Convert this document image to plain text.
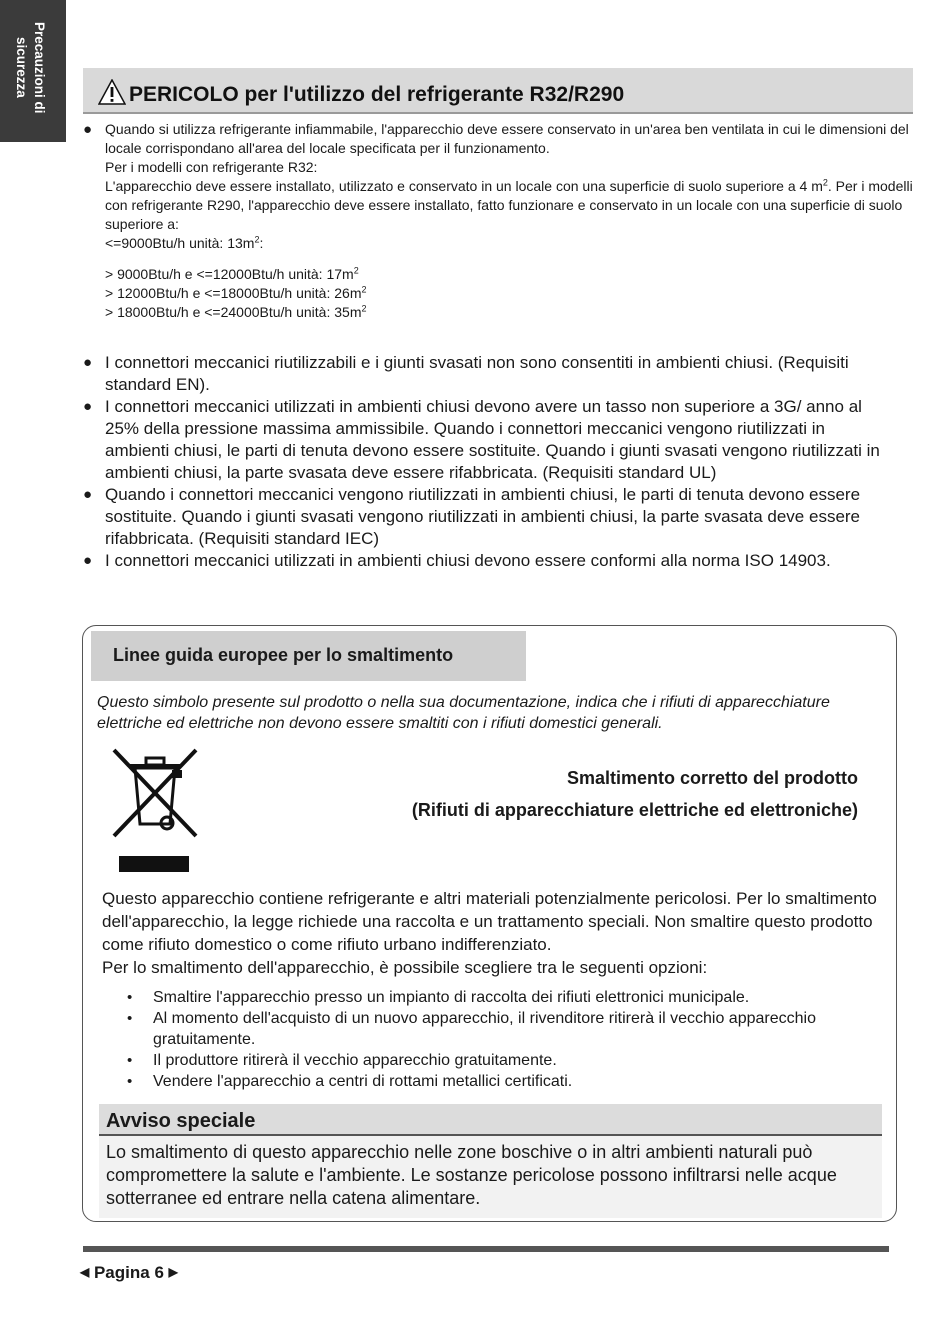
Precauzioni di
sicurezza	PERICOLO per l'utilizzo del refrigerante R32/R290
● Quando si utilizza refrigerante infiammabile, l'apparecchio deve essere conservato in un'area ben ventilata in cui le dimensioni del locale corrispondano all'area del locale specificata per il funzionamento.
Per i modelli con refrigerante R32:
L'apparecchio deve essere installato, utilizzato e conservato in un locale con una superficie di suolo superiore a 4 $m^2$. Per i modelli con refrigerante R290, l'apparecchio deve essere installato, fatto funzionare e conservato in un locale con una superficie di suolo superiore a:
<=9000Btu/h unità: $13m^2$:
> 9000Btu/h e <=12000Btu/h unità: $17m^2$
> 12000Btu/h e <=18000Btu/h unità: $26m^2$
> 18000Btu/h e <=24000Btu/h unità: $35m^2$
● I connettori meccanici riutilizzabili e i giunti svasati non sono consentiti in ambienti chiusi. (Requisiti standard EN).
● I connettori meccanici utilizzati in ambienti chiusi devono avere un tasso non superiore a 3G/ anno al 25% della pressione massima ammissibile. Quando i connettori meccanici vengono riutilizzati in ambienti chiusi, le parti di tenuta devono essere sostituite. Quando i giunti svasati vengono riutilizzati in ambienti chiusi, la parte svasata deve essere rifabbricata. (Requisiti standard UL)
● Quando i connettori meccanici vengono riutilizzati in ambienti chiusi, le parti di tenuta devono essere sostituite. Quando i giunti svasati vengono riutilizzati in ambienti chiusi, la parte svasata deve essere rifabbricata. (Requisiti standard IEC)
● I connettori meccanici utilizzati in ambienti chiusi devono essere conformi alla norma ISO 14903.
Linee guida europee per lo smaltimento
Questo simbolo presente sul prodotto o nella sua documentazione, indica che i rifiuti di apparecchiature elettriche ed elettriche non devono essere smaltiti con i rifiuti domestici generali.
Smaltimento corretto del prodotto
(Rifiuti di apparecchiature elettriche ed elettroniche)
Questo apparecchio contiene refrigerante e altri materiali potenzialmente pericolosi. Per lo smaltimento dell'apparecchio, la legge richiede una raccolta e un trattamento speciali. Non smaltire questo prodotto come rifiuto domestico o come rifiuto urbano indifferenziato.
Per lo smaltimento dell'apparecchio, è possibile scegliere tra le seguenti opzioni:
•	Smaltire l'apparecchio presso un impianto di raccolta dei rifiuti elettronici municipale.
•	Al momento dell'acquisto di un nuovo apparecchio, il rivenditore ritirerà il vecchio apparecchio gratuitamente.
•	Il produttore ritirerà il vecchio apparecchio gratuitamente.
•	Vendere l'apparecchio a centri di rottami metallici certificati.
Avviso speciale
Lo smaltimento di questo apparecchio nelle zone boschive o in altri ambienti naturali può compromettere la salute e l'ambiente. Le sostanze pericolose possono infiltrarsi nelle acque sotterranee ed entrare nella catena alimentare.
◀ Pagina 6 ▶
